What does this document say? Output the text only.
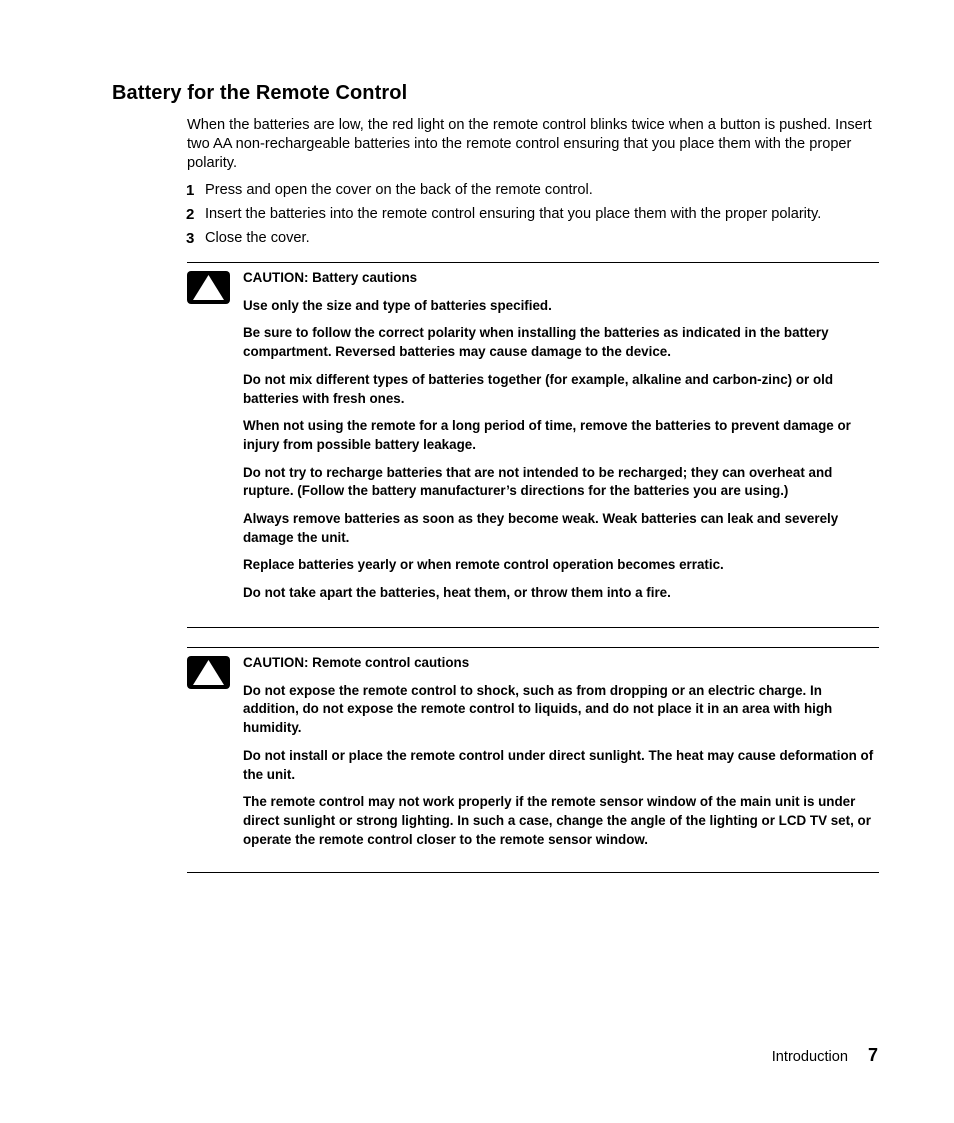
Battery for the Remote Control

When the batteries are low, the red light on the remote control blinks twice when a button is pushed. Insert two AA non-rechargeable batteries into the remote control ensuring that you place them with the proper polarity.

1 Press and open the cover on the back of the remote control.
2 Insert the batteries into the remote control ensuring that you place them with the proper polarity.
3 Close the cover.

CAUTION: Battery cautions

Use only the size and type of batteries specified.

Be sure to follow the correct polarity when installing the batteries as indicated in the battery compartment. Reversed batteries may cause damage to the device.

Do not mix different types of batteries together (for example, alkaline and carbon-zinc) or old batteries with fresh ones.

When not using the remote for a long period of time, remove the batteries to prevent damage or injury from possible battery leakage.

Do not try to recharge batteries that are not intended to be recharged; they can overheat and rupture. (Follow the battery manufacturer’s directions for the batteries you are using.)

Always remove batteries as soon as they become weak. Weak batteries can leak and severely damage the unit.

Replace batteries yearly or when remote control operation becomes erratic.

Do not take apart the batteries, heat them, or throw them into a fire.

CAUTION: Remote control cautions

Do not expose the remote control to shock, such as from dropping or an electric charge. In addition, do not expose the remote control to liquids, and do not place it in an area with high humidity.

Do not install or place the remote control under direct sunlight. The heat may cause deformation of the unit.

The remote control may not work properly if the remote sensor window of the main unit is under direct sunlight or strong lighting. In such a case, change the angle of the lighting or LCD TV set, or operate the remote control closer to the remote sensor window.

Introduction 7
